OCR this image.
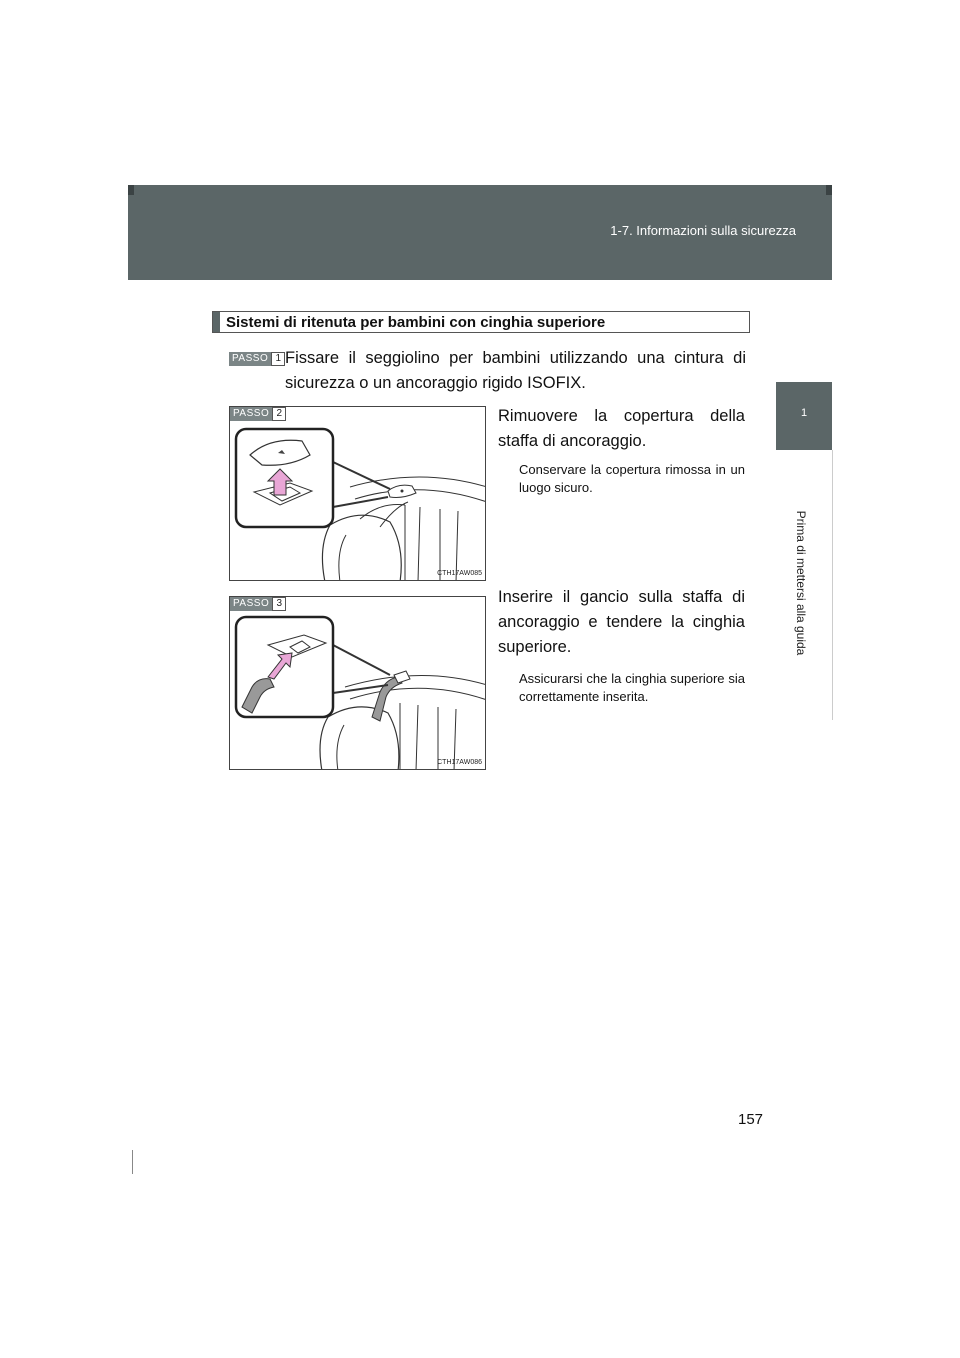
1-7. Informazioni sulla sicurezza
1
Prima di mettersi alla guida
Sistemi di ritenuta per bambini con cinghia superiore
PASSO 1 Fissare il seggiolino per bambini utilizzando una cintura di sicurezza o un ancoraggio rigido ISOFIX.
CTH17AW085
PASSO 2	Rimuovere la copertura della staffa di ancoraggio.
Conservare la copertura rimossa in un luogo sicuro.
CTH17AW086
PASSO 3	Inserire il gancio sulla staffa di ancoraggio e tendere la cinghia superiore.
Assicurarsi che la cinghia superiore sia correttamente inserita.
157
